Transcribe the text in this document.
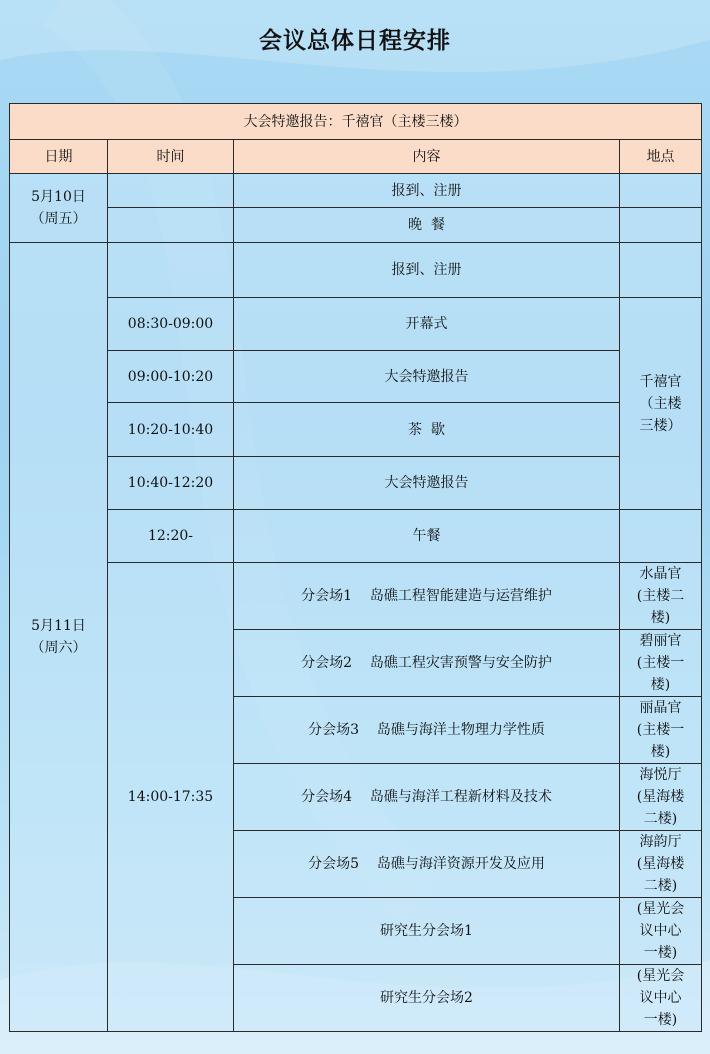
会议总体日程安排
大会特邀报告：千禧官（主楼三楼）			
日期	时间	内容	地点

5月10日
（周五）		报到、注册	
		晚  餐	

5月11日
（周六）		报到、注册	
	08:30-09:00	开幕式	千禧官
（主楼
三楼）

	09:00-10:20	大会特邀报告	
	10:20-10:40	茶  歇	
	10:40-12:20	大会特邀报告	
	12:20-	午餐	
	14:00-17:35	分会场1    岛礁工程智能建造与运营维护	水晶官
(主楼二
楼)

		分会场2    岛礁工程灾害预警与安全防护	碧丽官
(主楼一
楼)

		分会场3    岛礁与海洋土物理力学性质	丽晶官
(主楼一
楼)

		分会场4    岛礁与海洋工程新材料及技术	海悦厅
(星海楼
二楼)

		分会场5    岛礁与海洋资源开发及应用	海韵厅
(星海楼
二楼)

		研究生分会场1	(星光会
议中心
一楼)

		研究生分会场2	(星光会
议中心
一楼)
